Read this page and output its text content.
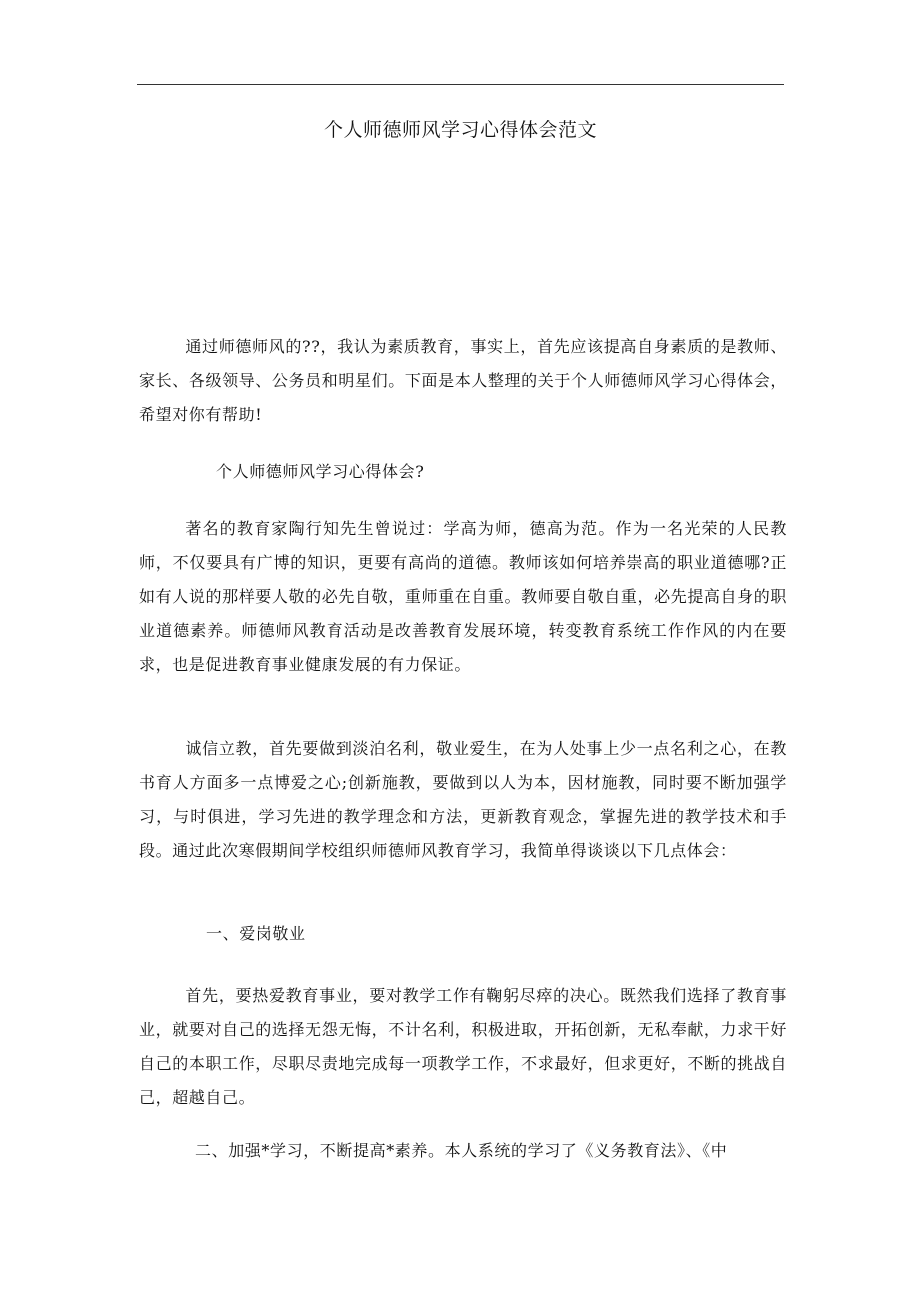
个人师德师风学习心得体会范文

通过师德师风的??，我认为素质教育，事实上，首先应该提高自身素质的是教师、家长、各级领导、公务员和明星们。下面是本人整理的关于个人师德师风学习心得体会，希望对你有帮助!

个人师德师风学习心得体会?

著名的教育家陶行知先生曾说过：学高为师，德高为范。作为一名光荣的人民教师，不仅要具有广博的知识，更要有高尚的道德。教师该如何培养崇高的职业道德哪?正如有人说的那样要人敬的必先自敬，重师重在自重。教师要自敬自重，必先提高自身的职业道德素养。师德师风教育活动是改善教育发展环境，转变教育系统工作作风的内在要求，也是促进教育事业健康发展的有力保证。

诚信立教，首先要做到淡泊名利，敬业爱生，在为人处事上少一点名利之心，在教书育人方面多一点博爱之心;创新施教，要做到以人为本，因材施教，同时要不断加强学习，与时俱进，学习先进的教学理念和方法，更新教育观念，掌握先进的教学技术和手段。通过此次寒假期间学校组织师德师风教育学习，我简单得谈谈以下几点体会：

一、爱岗敬业

首先，要热爱教育事业，要对教学工作有鞠躬尽瘁的决心。既然我们选择了教育事业，就要对自己的选择无怨无悔，不计名利，积极进取，开拓创新，无私奉献，力求干好自己的本职工作，尽职尽责地完成每一项教学工作，不求最好，但求更好，不断的挑战自己，超越自己。

二、加强*学习，不断提高*素养。本人系统的学习了《义务教育法》、《中
